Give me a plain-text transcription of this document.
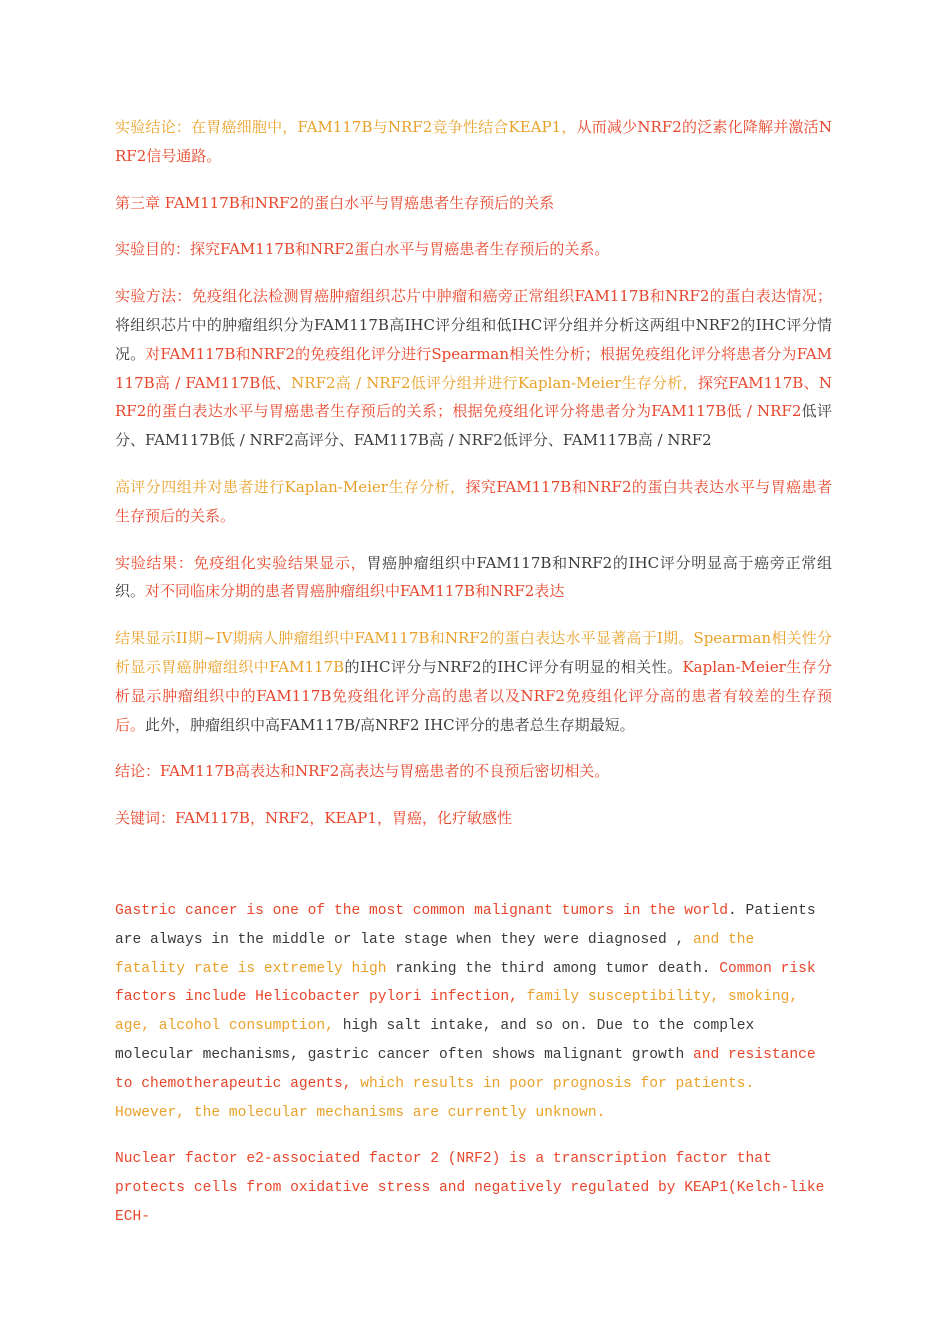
实验结论：在胃癌细胞中，FAM117B与NRF2竞争性结合KEAP1，从而减少NRF2的泛素化降解并激活NRF2信号通路。

第三章 FAM117B和NRF2的蛋白水平与胃癌患者生存预后的关系

实验目的：探究FAM117B和NRF2蛋白水平与胃癌患者生存预后的关系。

实验方法：免疫组化法检测胃癌肿瘤组织芯片中肿瘤和癌旁正常组织FAM117B和NRF2的蛋白表达情况；将组织芯片中的肿瘤组织分为FAM117B高IHC评分组和低IHC评分组并分析这两组中NRF2的IHC评分情况。对FAM117B和NRF2的免疫组化评分进行Spearman相关性分析；根据免疫组化评分将患者分为FAM117B高 / FAM117B低、NRF2高 / NRF2低评分组并进行Kaplan-Meier生存分析，探究FAM117B、NRF2的蛋白表达水平与胃癌患者生存预后的关系；根据免疫组化评分将患者分为FAM117B低 / NRF2低评分、FAM117B低 / NRF2高评分、FAM117B高 / NRF2低评分、FAM117B高 / NRF2

高评分四组并对患者进行Kaplan-Meier生存分析，探究FAM117B和NRF2的蛋白共表达水平与胃癌患者生存预后的关系。

实验结果：免疫组化实验结果显示，胃癌肿瘤组织中FAM117B和NRF2的IHC评分明显高于癌旁正常组织。对不同临床分期的患者胃癌肿瘤组织中FAM117B和NRF2表达

结果显示II期~IV期病人肿瘤组织中FAM117B和NRF2的蛋白表达水平显著高于I期。Spearman相关性分析显示胃癌肿瘤组织中FAM117B的IHC评分与NRF2的IHC评分有明显的相关性。Kaplan-Meier生存分析显示肿瘤组织中的FAM117B免疫组化评分高的患者以及NRF2免疫组化评分高的患者有较差的生存预后。此外，肿瘤组织中高FAM117B/高NRF2 IHC评分的患者总生存期最短。

结论：FAM117B高表达和NRF2高表达与胃癌患者的不良预后密切相关。

关键词：FAM117B，NRF2，KEAP1，胃癌，化疗敏感性

Gastric cancer is one of the most common malignant tumors in the world. Patients are always in the middle or late stage when they were diagnosed , and the fatality rate is extremely high ranking the third among tumor death. Common risk factors include Helicobacter pylori infection, family susceptibility, smoking, age, alcohol consumption, high salt intake, and so on. Due to the complex molecular mechanisms, gastric cancer often shows malignant growth and resistance to chemotherapeutic agents, which results in poor prognosis for patients. However, the molecular mechanisms are currently unknown.

Nuclear factor e2-associated factor 2 (NRF2) is a transcription factor that protects cells from oxidative stress and negatively regulated by KEAP1(Kelch-like ECH-
